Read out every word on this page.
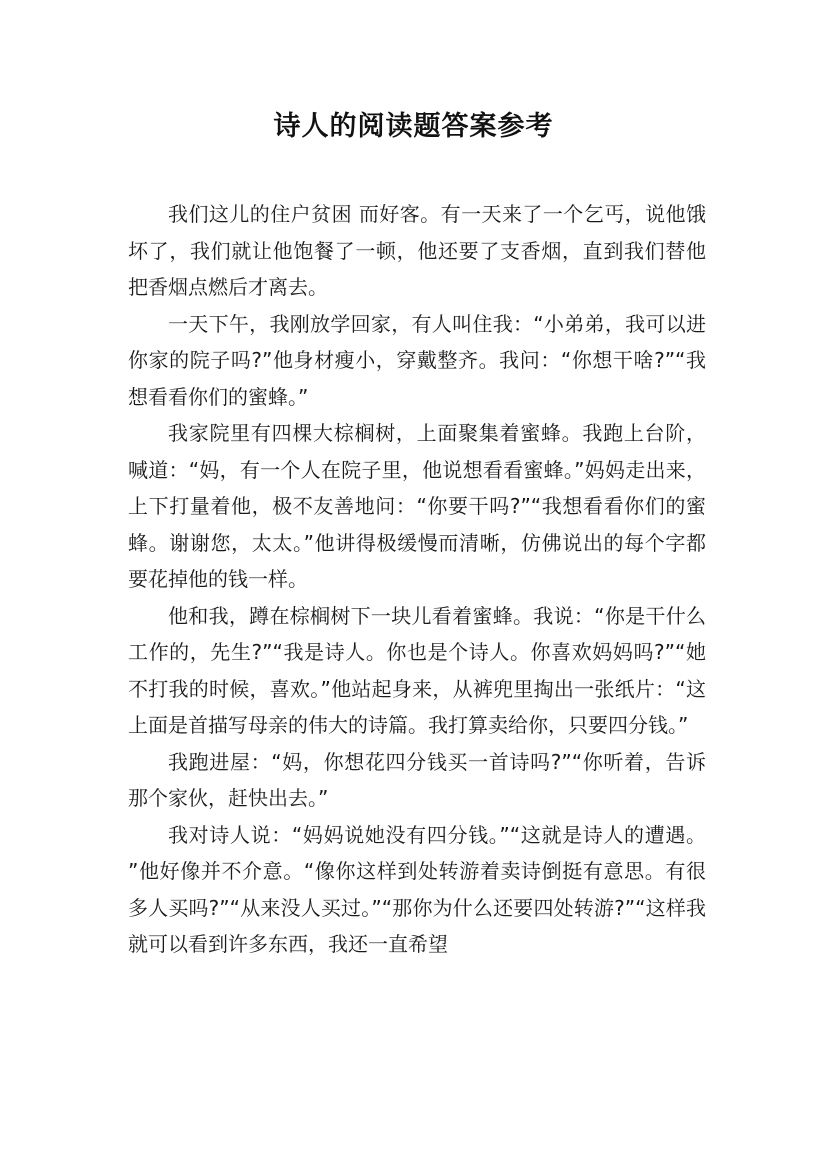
诗人的阅读题答案参考

我们这儿的住户贫困 而好客。有一天来了一个乞丐，说他饿坏了，我们就让他饱餐了一顿，他还要了支香烟，直到我们替他把香烟点燃后才离去。

一天下午，我刚放学回家，有人叫住我：“小弟弟，我可以进你家的院子吗?”他身材瘦小，穿戴整齐。我问：“你想干啥?”“我想看看你们的蜜蜂。”

我家院里有四棵大棕榈树，上面聚集着蜜蜂。我跑上台阶，喊道：“妈，有一个人在院子里，他说想看看蜜蜂。”妈妈走出来，上下打量着他，极不友善地问：“你要干吗?”“我想看看你们的蜜蜂。谢谢您，太太。”他讲得极缓慢而清晰，仿佛说出的每个字都要花掉他的钱一样。

他和我，蹲在棕榈树下一块儿看着蜜蜂。我说：“你是干什么工作的，先生?”“我是诗人。你也是个诗人。你喜欢妈妈吗?”“她不打我的时候，喜欢。”他站起身来，从裤兜里掏出一张纸片：“这上面是首描写母亲的伟大的诗篇。我打算卖给你，只要四分钱。”

我跑进屋：“妈，你想花四分钱买一首诗吗?”“你听着，告诉那个家伙，赶快出去。”

我对诗人说：“妈妈说她没有四分钱。”“这就是诗人的遭遇。 ”他好像并不介意。“像你这样到处转游着卖诗倒挺有意思。有很多人买吗?”“从来没人买过。”“那你为什么还要四处转游?”“这样我就可以看到许多东西，我还一直希望
